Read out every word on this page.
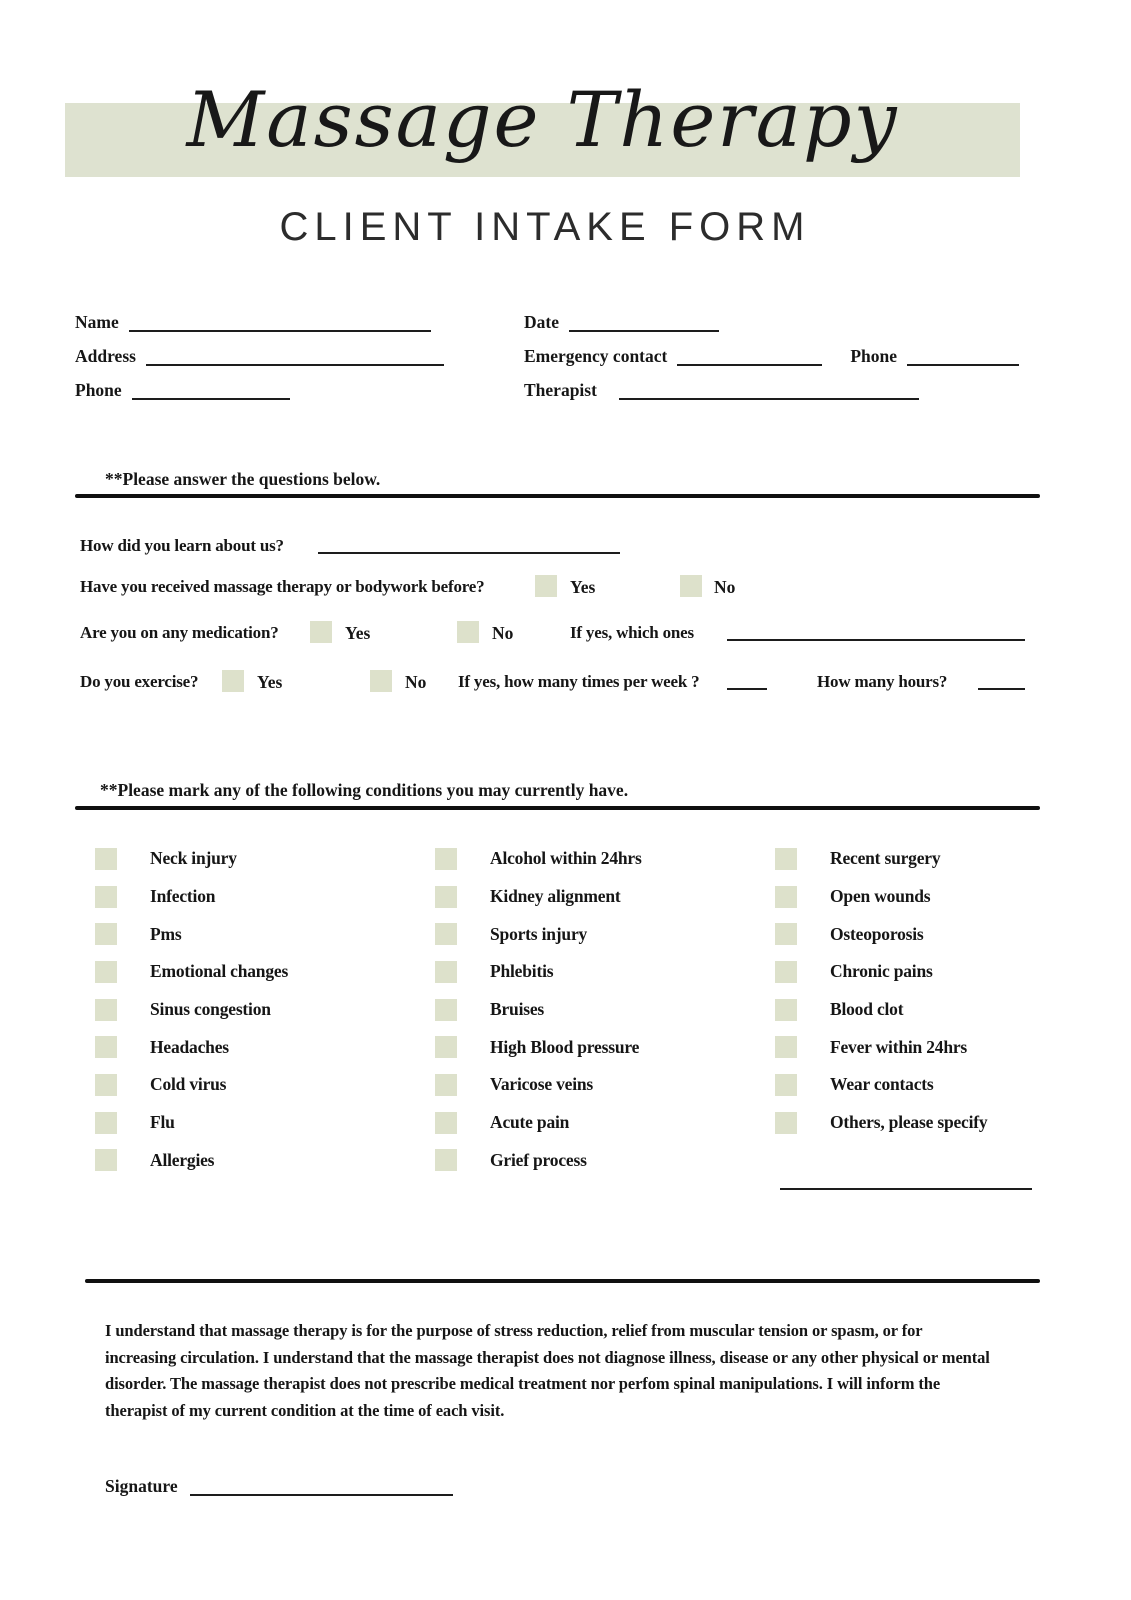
Massage Therapy
CLIENT INTAKE FORM
Name
Address
Phone
Date
Emergency contact	Phone
Therapist
**Please answer the questions below.
How did you learn about us?
Have you received massage therapy or bodywork before?	Yes	No
Are you on any medication?	Yes	No	If yes, which ones
Do you exercise?	Yes	No If yes, how many times per week ?	How many hours?
**Please mark any of the following conditions you may currently have.
Neck injury
Infection
Pms
Emotional changes
Sinus congestion
Headaches
Cold virus
Flu
Allergies
Alcohol within 24hrs
Kidney alignment
Sports injury
Phlebitis
Bruises
High Blood pressure
Varicose veins
Acute pain
Grief process
Recent surgery
Open wounds
Osteoporosis
Chronic pains
Blood clot
Fever within 24hrs
Wear contacts
Others, please specify
I understand that massage therapy is for the purpose of stress reduction, relief from muscular tension or spasm, or for increasing circulation. I understand that the massage therapist does not diagnose illness, disease or any other physical or mental disorder. The massage therapist does not prescribe medical treatment nor perfom spinal manipulations. I will inform the therapist of my current condition at the time of each visit.
Signature
